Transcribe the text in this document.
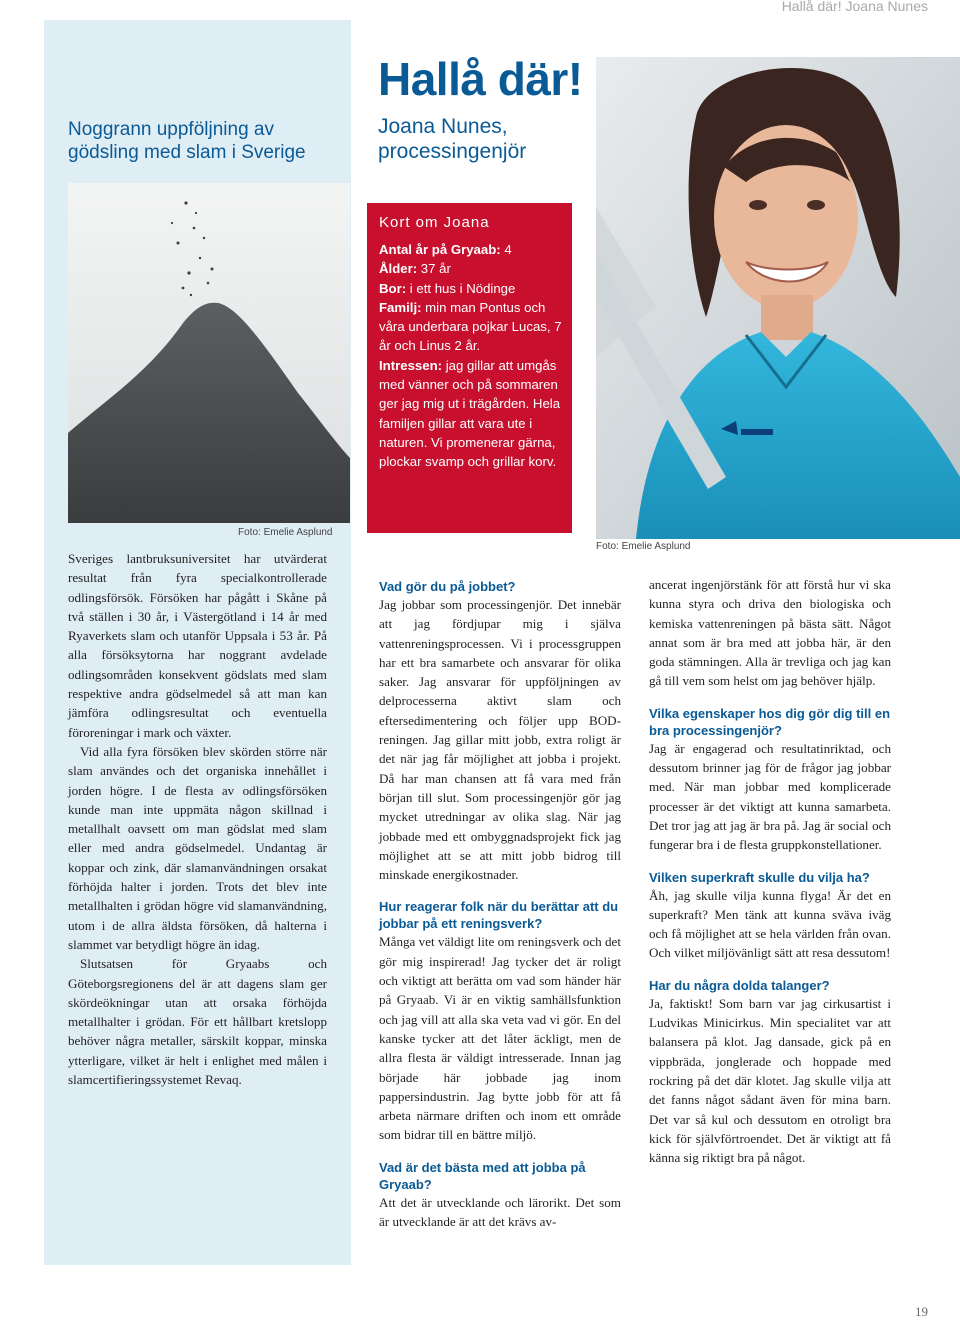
Hallå där! Joana Nunes
Noggrann uppföljning av gödsling med slam i Sverige
Foto: Emelie Asplund

Sveriges lantbruksuniversitet har utvärderat resultat från fyra specialkontrollerade odlingsförsök. Försöken har pågått i Skåne på två ställen i 30 år, i Västergötland i 14 år med Ryaverkets slam och utanför Uppsala i 53 år. På alla försöksytorna har noggrant avdelade odlingsområden konsekvent gödslats med slam respektive andra gödselmedel så att man kan jämföra odlingsresultat och eventuella föroreningar i mark och växter.

Vid alla fyra försöken blev skörden större när slam användes och det organiska innehållet i jorden högre. I de flesta av odlingsförsöken kunde man inte uppmäta någon skillnad i metallhalt oavsett om man gödslat med slam eller med andra gödselmedel. Undantag är koppar och zink, där slamanvändningen orsakat förhöjda halter i jorden. Trots det blev inte metallhalten i grödan högre vid slamanvändning, utom i de allra äldsta försöken, då halterna i slammet var betydligt högre än idag.

Slutsatsen för Gryaabs och Göteborgsregionens del är att dagens slam ger skördeökningar utan att orsaka förhöjda metallhalter i grödan. För ett hållbart kretslopp behöver några metaller, särskilt koppar, minska ytterligare, vilket är helt i enlighet med målen i slamcertifieringssystemet Revaq.

Hallå där!
Joana Nunes, processingenjör
Kort om Joana
Antal år på Gryaab: 4
Ålder: 37 år
Bor: i ett hus i Nödinge
Familj: min man Pontus och våra underbara pojkar Lucas, 7 år och Linus 2 år.
Intressen: jag gillar att umgås med vänner och på sommaren ger jag mig ut i trägården. Hela familjen gillar att vara ute i naturen. Vi promenerar gärna, plockar svamp och grillar korv.
Foto: Emelie Asplund
Vad gör du på jobbet?

Jag jobbar som processingenjör. Det innebär att jag fördjupar mig i själva vattenreningsprocessen. Vi i processgruppen har ett bra samarbete och ansvarar för olika saker. Jag ansvarar för uppföljningen av delprocesserna aktivt slam och eftersedimentering och följer upp BOD-reningen. Jag gillar mitt jobb, extra roligt är det när jag får möjlighet att jobba i projekt. Då har man chansen att få vara med från början till slut. Som processingenjör gör jag mycket utredningar av olika slag. När jag jobbade med ett ombyggnadsprojekt fick jag möjlighet att se att mitt jobb bidrog till minskade energikostnader.

Hur reagerar folk när du berättar att du jobbar på ett reningsverk?

Många vet väldigt lite om reningsverk och det gör mig inspirerad! Jag tycker det är roligt och viktigt att berätta om vad som händer här på Gryaab. Vi är en viktig samhällsfunktion och jag vill att alla ska veta vad vi gör. En del kanske tycker att det låter äckligt, men de allra flesta är väldigt intresserade. Innan jag började här jobbade jag inom pappersindustrin. Jag bytte jobb för att få arbeta närmare driften och inom ett område som bidrar till en bättre miljö.

Vad är det bästa med att jobba på Gryaab?

Att det är utvecklande och lärorikt. Det som är utvecklande är att det krävs av-

ancerat ingenjörstänk för att förstå hur vi ska kunna styra och driva den biologiska och kemiska vattenreningen på bästa sätt. Något annat som är bra med att jobba här, är den goda stämningen. Alla är trevliga och jag kan gå till vem som helst om jag behöver hjälp.

Vilka egenskaper hos dig gör dig till en bra processingenjör?

Jag är engagerad och resultatinriktad, och dessutom brinner jag för de frågor jag jobbar med. När man jobbar med komplicerade processer är det viktigt att kunna samarbeta. Det tror jag att jag är bra på. Jag är social och fungerar bra i de flesta gruppkonstellationer.

Vilken superkraft skulle du vilja ha?

Åh, jag skulle vilja kunna flyga! Är det en superkraft? Men tänk att kunna sväva iväg och få möjlighet att se hela världen från ovan. Och vilket miljövänligt sätt att resa dessutom!

Har du några dolda talanger?

Ja, faktiskt! Som barn var jag cirkusartist i Ludvikas Minicirkus. Min specialitet var att balansera på klot. Jag dansade, gick på en vippbräda, jonglerade och hoppade med rockring på det där klotet. Jag skulle vilja att det fanns något sådant även för mina barn. Det var så kul och dessutom en otroligt bra kick för självförtroendet. Det är viktigt att få känna sig riktigt bra på något.

19
